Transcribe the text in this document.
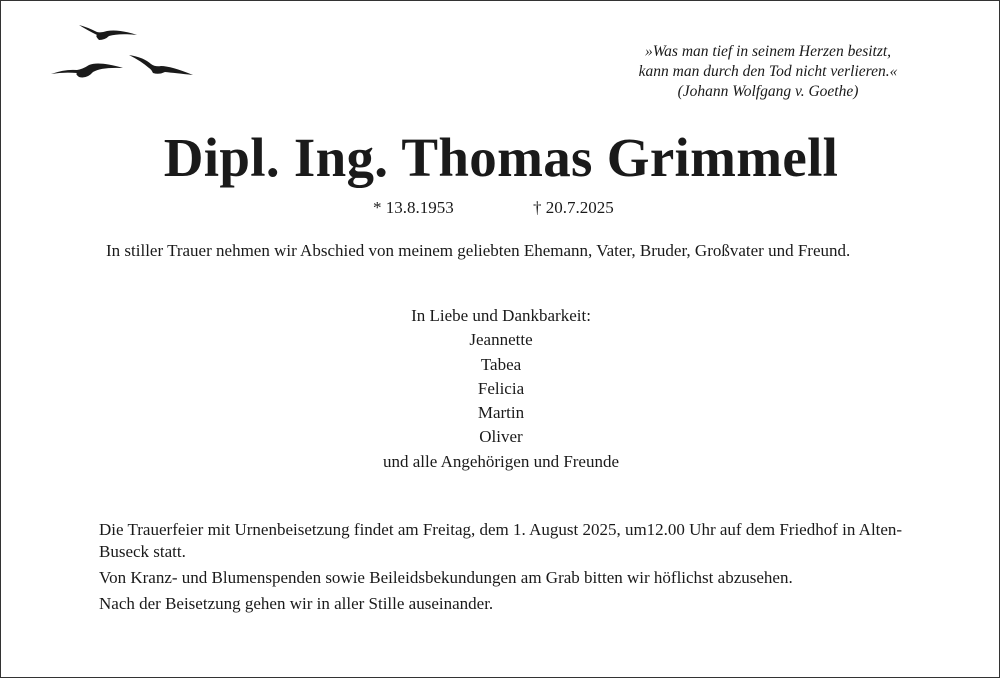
»Was man tief in seinem Herzen besitzt,
kann man durch den Tod nicht verlieren.«
(Johann Wolfgang v. Goethe)
Dipl. Ing. Thomas Grimmell
* 13.8.1953	† 20.7.2025
In stiller Trauer nehmen wir Abschied von meinem geliebten Ehemann, Vater, Bruder, Großvater und Freund.
In Liebe und Dankbarkeit:
Jeannette
Tabea
Felicia
Martin
Oliver
und alle Angehörigen und Freunde

Die Trauerfeier mit Urnenbeisetzung findet am Freitag, dem 1. August 2025, um12.00 Uhr auf dem Friedhof in Alten-Buseck statt.

Von Kranz- und Blumenspenden sowie Beileidsbekundungen am Grab bitten wir höflichst abzusehen.

Nach der Beisetzung gehen wir in aller Stille auseinander.
